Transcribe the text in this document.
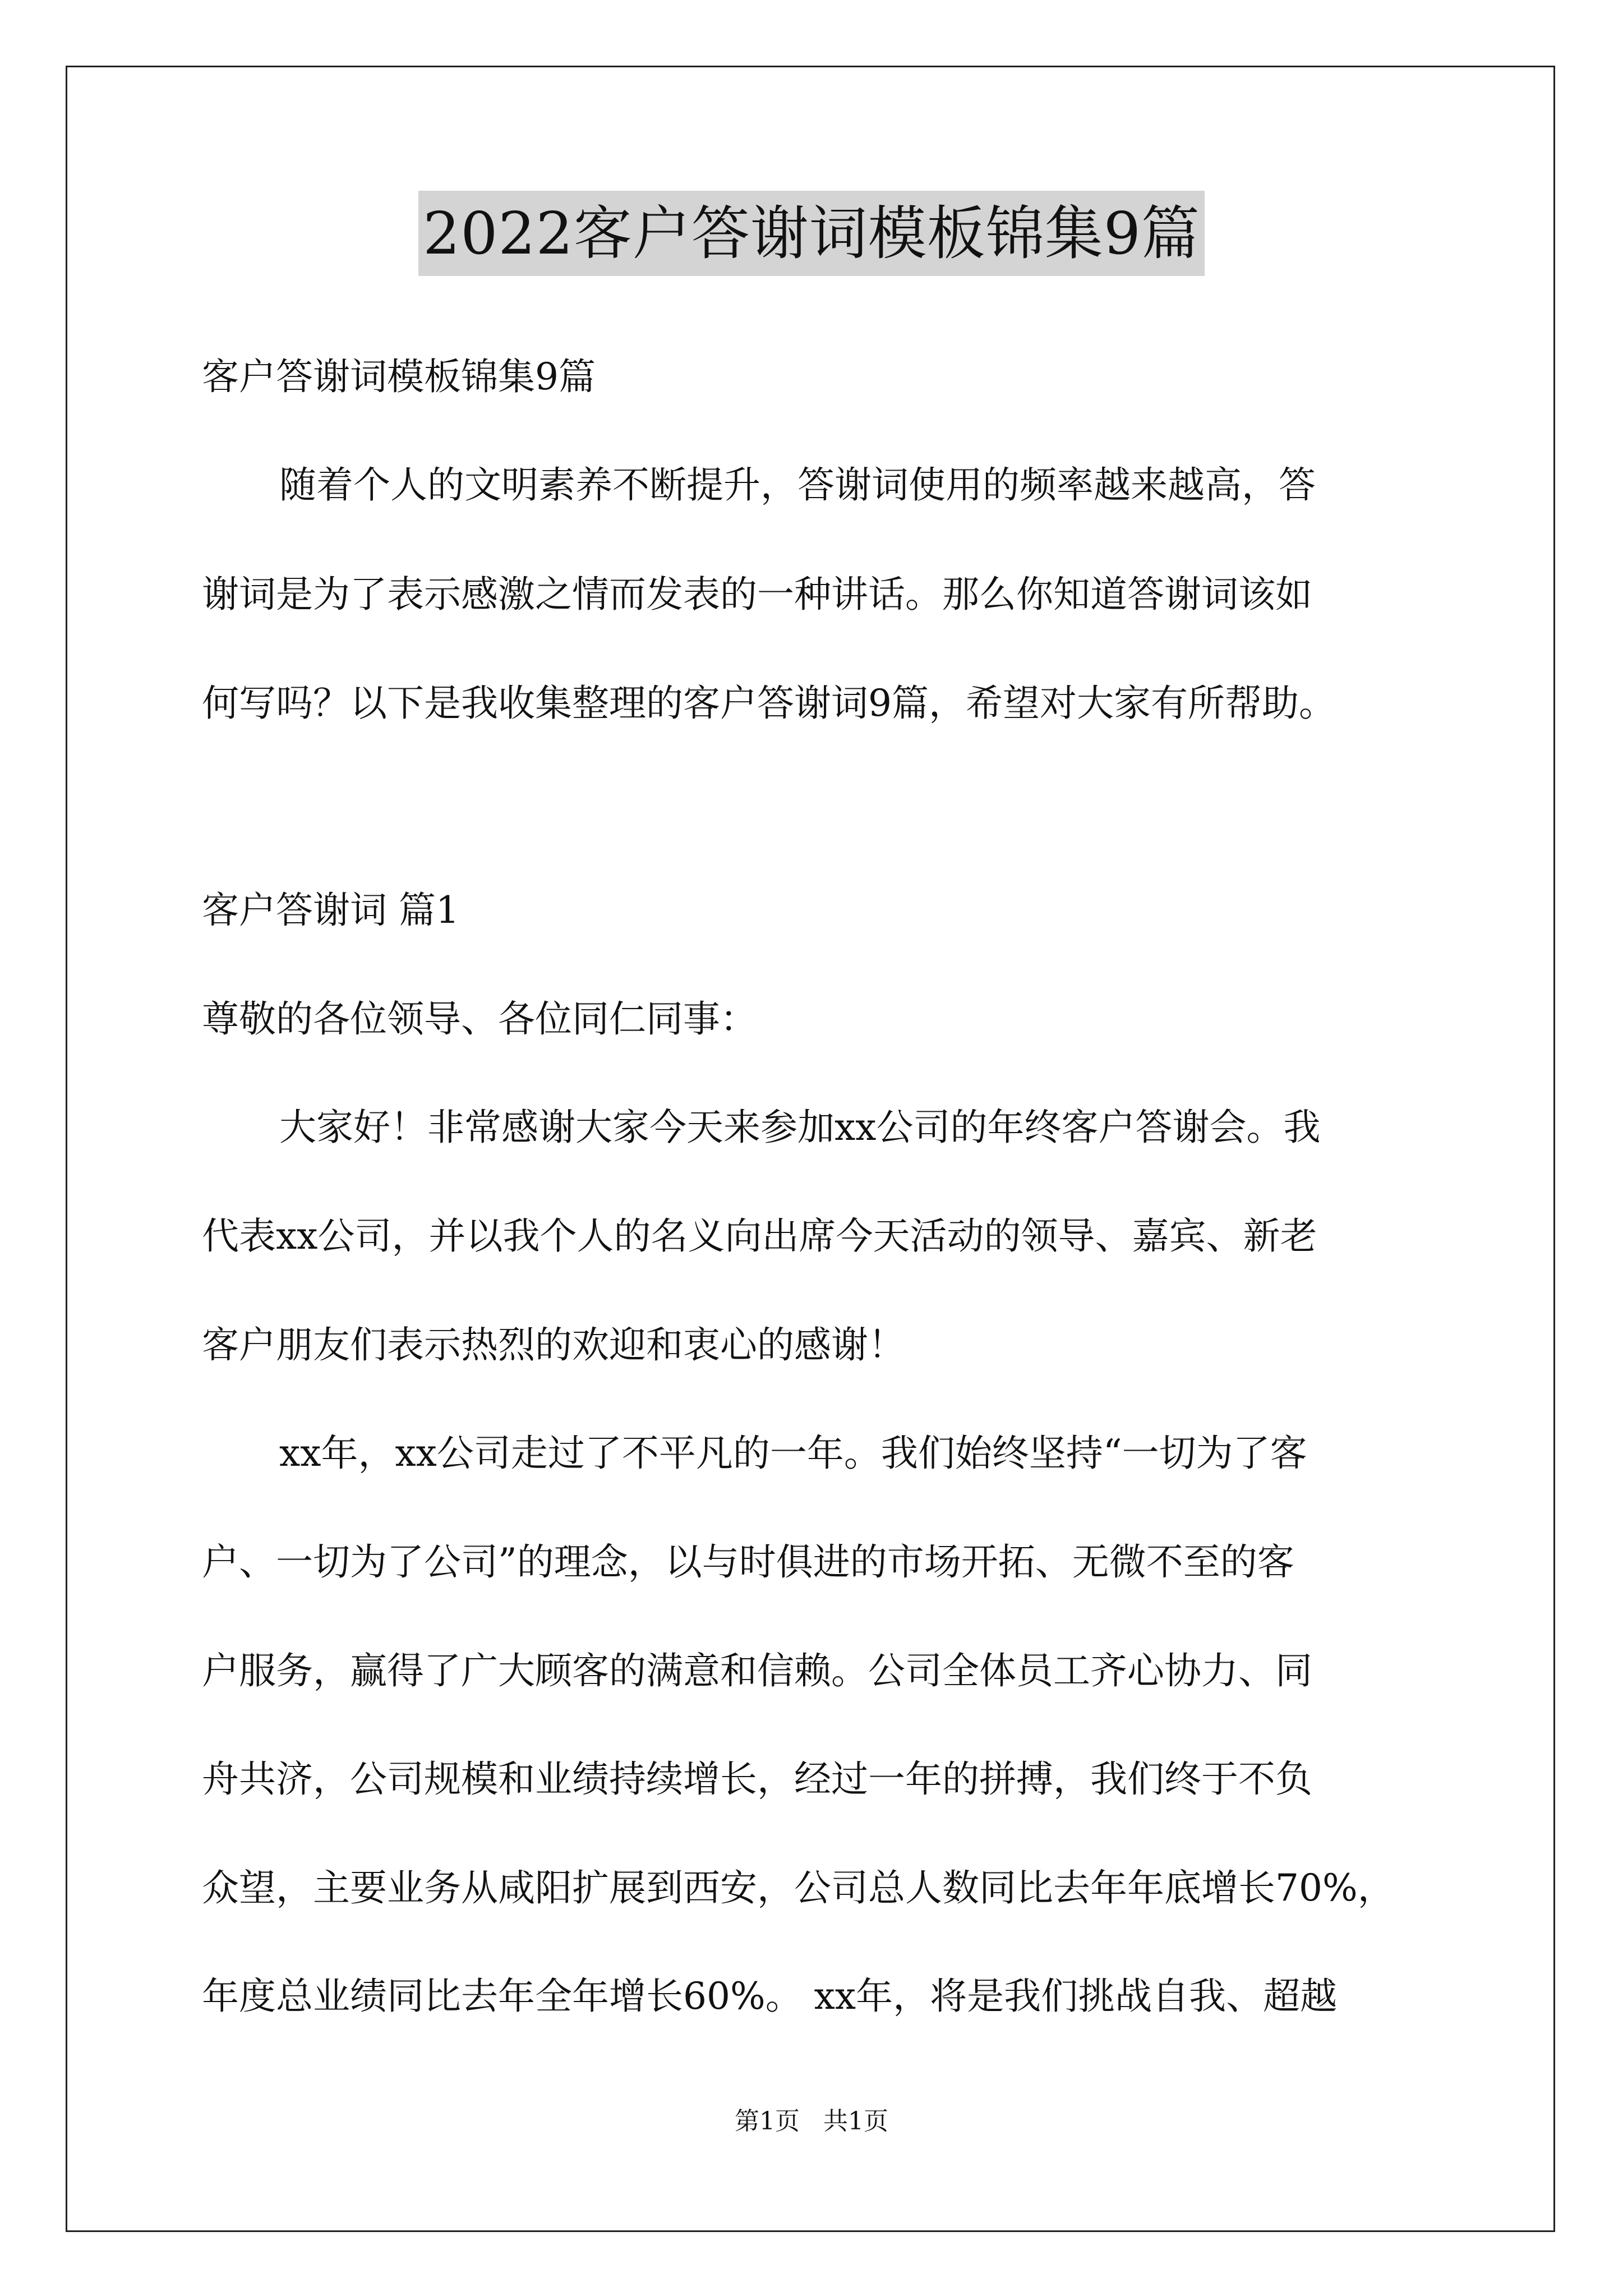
2022客户答谢词模板锦集9篇
客户答谢词模板锦集9篇
随着个人的文明素养不断提升，答谢词使用的频率越来越高，答
谢词是为了表示感激之情而发表的一种讲话。那么你知道答谢词该如
何写吗？以下是我收集整理的客户答谢词9篇，希望对大家有所帮助。
客户答谢词 篇1
尊敬的各位领导、各位同仁同事：
大家好！非常感谢大家今天来参加xx公司的年终客户答谢会。我
代表xx公司，并以我个人的名义向出席今天活动的领导、嘉宾、新老
客户朋友们表示热烈的欢迎和衷心的感谢！
xx年，xx公司走过了不平凡的一年。我们始终坚持“一切为了客
户、一切为了公司”的理念，以与时俱进的市场开拓、无微不至的客
户服务，赢得了广大顾客的满意和信赖。公司全体员工齐心协力、同
舟共济，公司规模和业绩持续增长，经过一年的拼搏，我们终于不负
众望，主要业务从咸阳扩展到西安，公司总人数同比去年年底增长70%，
年度总业绩同比去年全年增长60%。 xx年，将是我们挑战自我、超越
第1页   共1页
